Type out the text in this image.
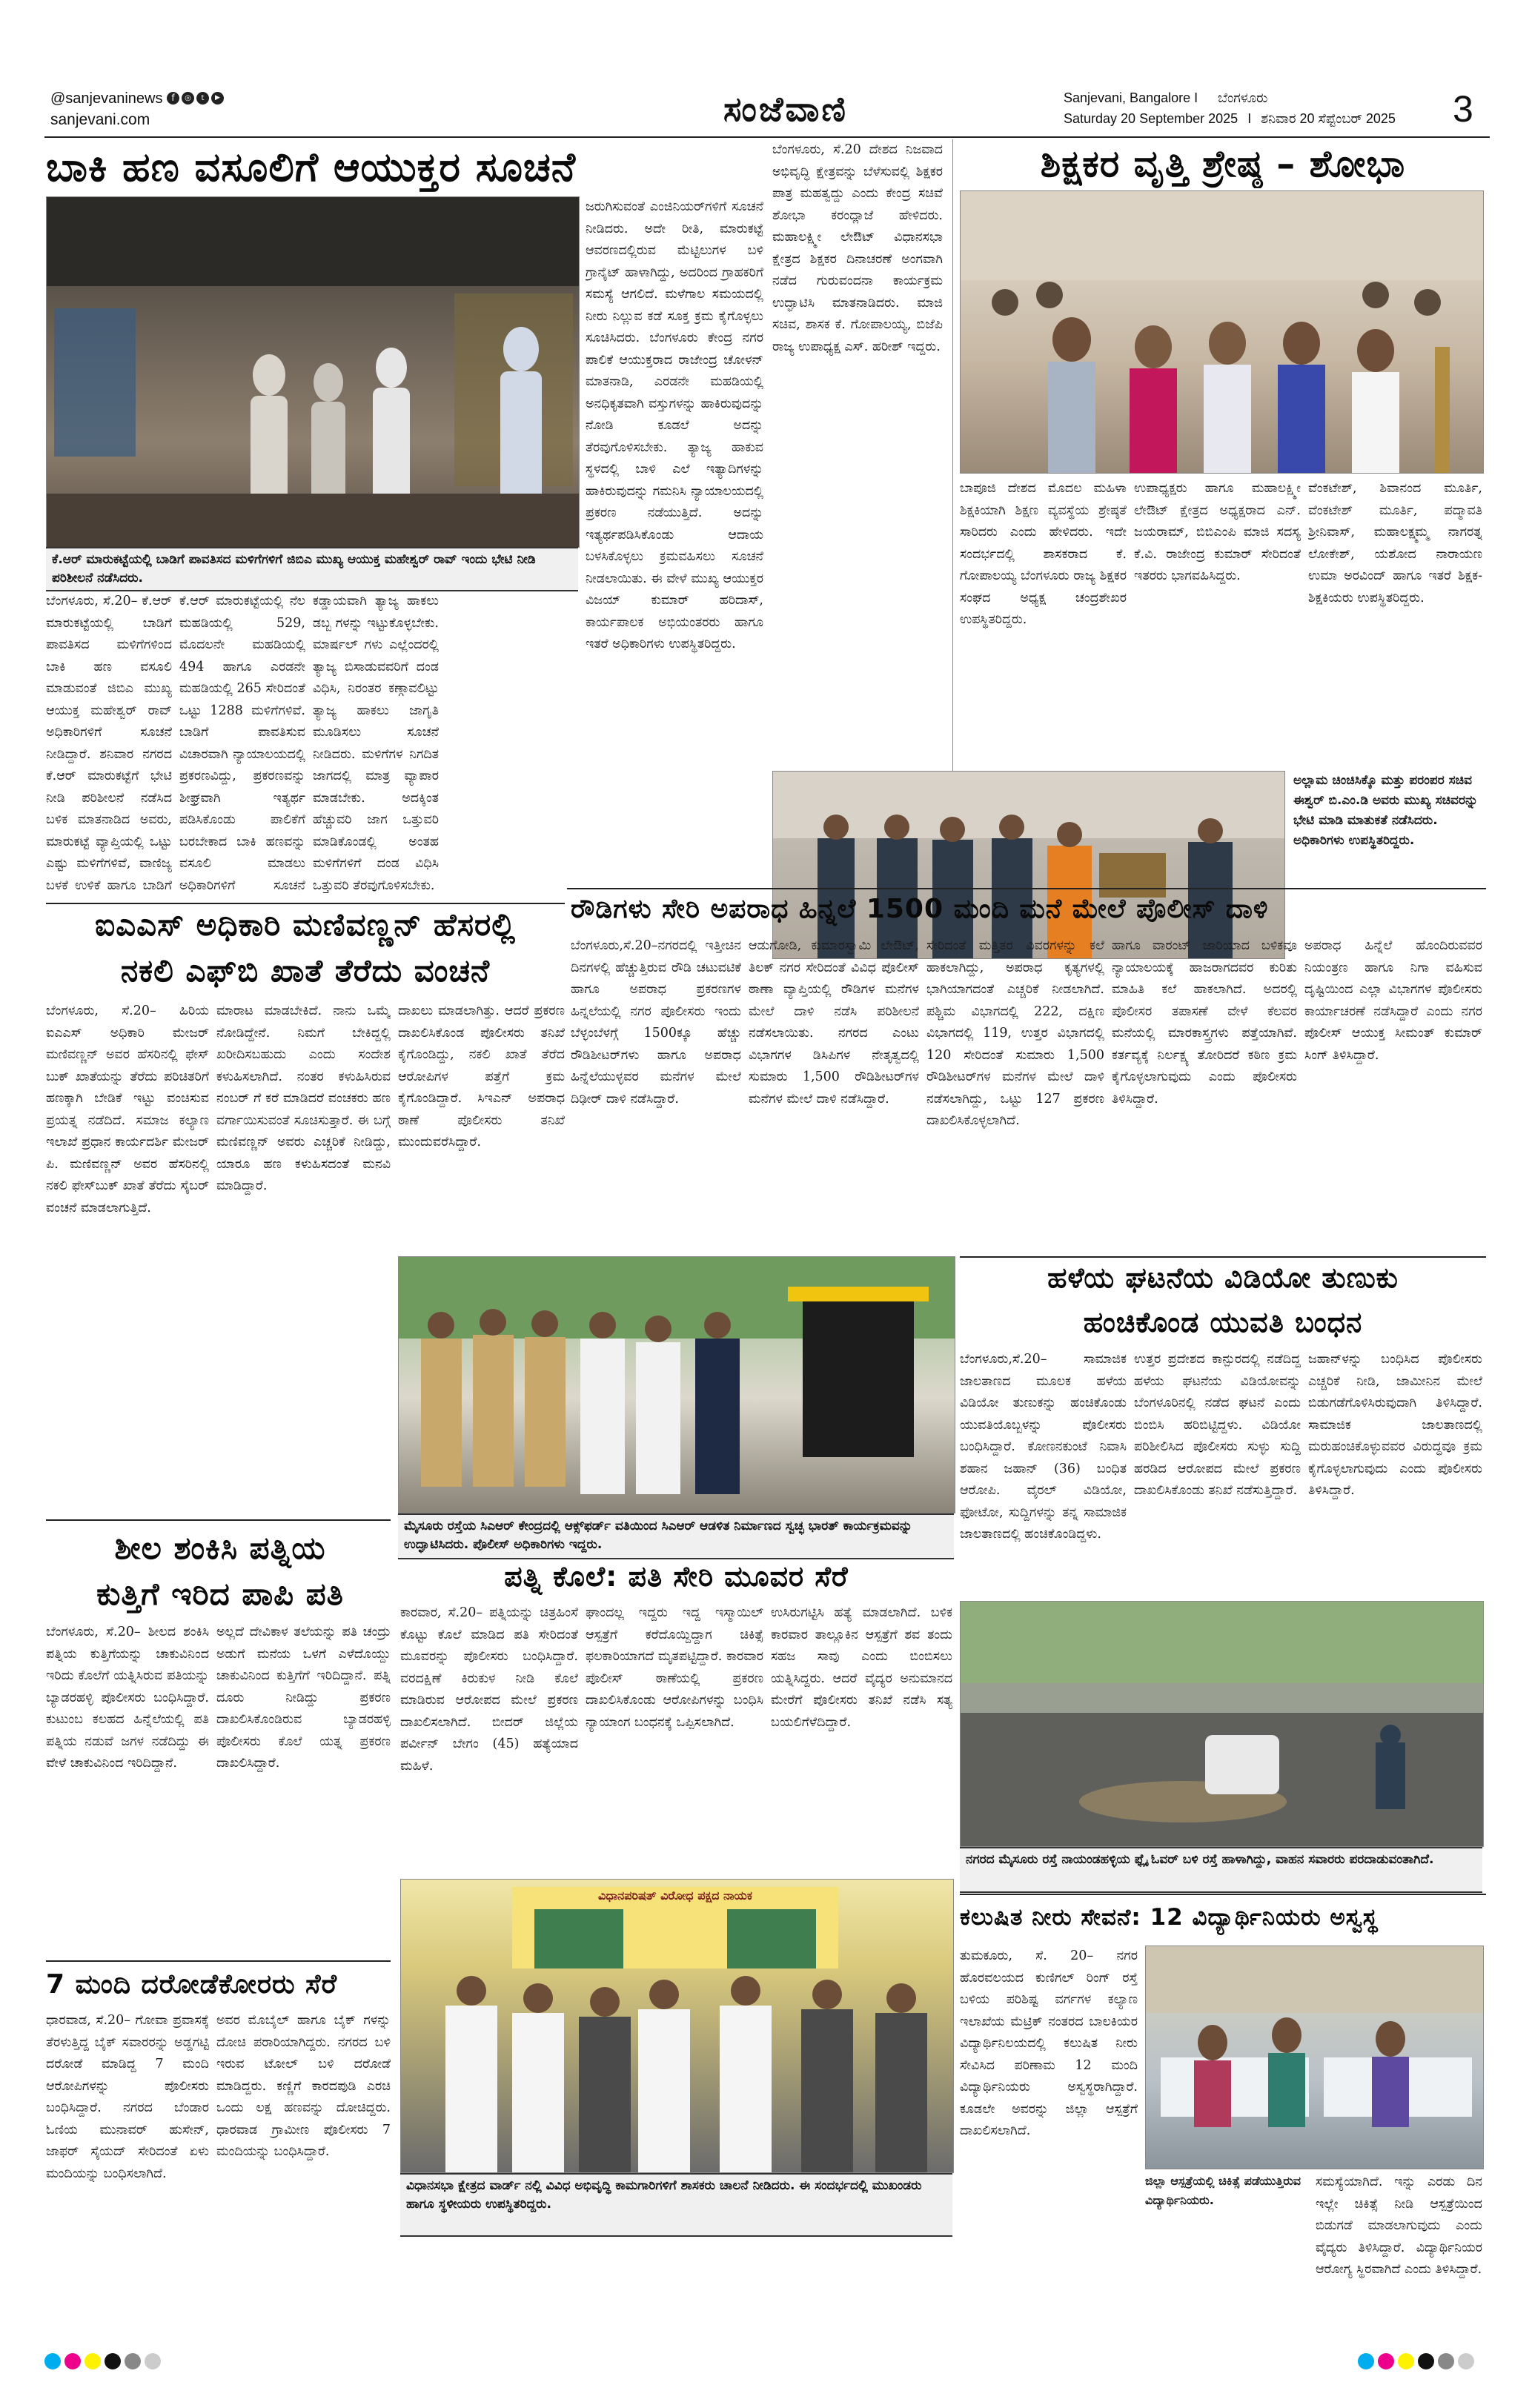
@sanjevaninews f	◎	t	▶
sanjevani.com	ಸಂಜೆವಾಣಿ	Sanjevani, Bangalore I ಬೆಂಗಳೂರು
Saturday 20 September 2025 I ಶನಿವಾರ 20 ಸೆಪ್ಟೆಂಬರ್ 2025 3
ಬಾಕಿ ಹಣ ವಸೂಲಿಗೆ ಆಯುಕ್ತರ ಸೂಚನೆ
ಕೆ.ಆರ್ ಮಾರುಕಟ್ಟೆಯಲ್ಲಿ ಬಾಡಿಗೆ ಪಾವತಿಸದ ಮಳಿಗೆಗಳಿಗೆ ಜಿಬಿಎ ಮುಖ್ಯ ಆಯುಕ್ತ ಮಹೇಶ್ವರ್ ರಾವ್ ಇಂದು ಭೇಟಿ ನೀಡಿ ಪರಿಶೀಲನೆ ನಡೆಸಿದರು.
ಬೆಂಗಳೂರು, ಸೆ.20– ಕೆ.ಆರ್ ಮಾರುಕಟ್ಟೆಯಲ್ಲಿ ಬಾಡಿಗೆ ಪಾವತಿಸದ ಮಳಿಗೆಗಳಿಂದ ಬಾಕಿ ಹಣ ವಸೂಲಿ ಮಾಡುವಂತೆ ಜಿಬಿಎ ಮುಖ್ಯ ಆಯುಕ್ತ ಮಹೇಶ್ವರ್ ರಾವ್ ಅಧಿಕಾರಿಗಳಿಗೆ ಸೂಚನೆ ನೀಡಿದ್ದಾರೆ. ಶನಿವಾರ ನಗರದ ಕೆ.ಆರ್ ಮಾರುಕಟ್ಟೆಗೆ ಭೇಟಿ ನೀಡಿ ಪರಿಶೀಲನೆ ನಡೆಸಿದ ಬಳಿಕ ಮಾತನಾಡಿದ ಅವರು, ಮಾರುಕಟ್ಟೆ ವ್ಯಾಪ್ತಿಯಲ್ಲಿ ಒಟ್ಟು ಎಷ್ಟು ಮಳಿಗೆಗಳಿವೆ, ವಾಣಿಜ್ಯ ಬಳಕೆ ಉಳಿಕೆ ಹಾಗೂ ಬಾಡಿಗೆ
ಕೆ.ಆರ್ ಮಾರುಕಟ್ಟೆಯಲ್ಲಿ ನೆಲ ಮಹಡಿಯಲ್ಲಿ 529, ಮೊದಲನೇ ಮಹಡಿಯಲ್ಲಿ 494 ಹಾಗೂ ಎರಡನೇ ಮಹಡಿಯಲ್ಲಿ 265 ಸೇರಿದಂತೆ ಒಟ್ಟು 1288 ಮಳಿಗೆಗಳಿವೆ. ಬಾಡಿಗೆ ಪಾವತಿಸುವ ವಿಚಾರವಾಗಿ ನ್ಯಾಯಾಲಯದಲ್ಲಿ ಪ್ರಕರಣವಿದ್ದು, ಪ್ರಕರಣವನ್ನು ಶೀಘ್ರವಾಗಿ ಇತ್ಯರ್ಥ ಪಡಿಸಿಕೊಂಡು ಪಾಲಿಕೆಗೆ ಬರಬೇಕಾದ ಬಾಕಿ ಹಣವನ್ನು ವಸೂಲಿ ಮಾಡಲು ಅಧಿಕಾರಿಗಳಿಗೆ ಸೂಚನೆ
ಕಡ್ಡಾಯವಾಗಿ ತ್ಯಾಜ್ಯ ಹಾಕಲು ಡಬ್ಬ ಗಳನ್ನು ಇಟ್ಟುಕೊಳ್ಳಬೇಕು. ಮಾರ್ಷಲ್ ಗಳು ಎಲ್ಲೆಂದರಲ್ಲಿ ತ್ಯಾಜ್ಯ ಬಿಸಾಡುವವರಿಗೆ ದಂಡ ವಿಧಿಸಿ, ನಿರಂತರ ಕಣ್ಗಾವಲಿಟ್ಟು ತ್ಯಾಜ್ಯ ಹಾಕಲು ಜಾಗೃತಿ ಮೂಡಿಸಲು ಸೂಚನೆ ನೀಡಿದರು. ಮಳಿಗೆಗಳ ನಿಗದಿತ ಜಾಗದಲ್ಲಿ ಮಾತ್ರ ವ್ಯಾಪಾರ ಮಾಡಬೇಕು. ಅದಕ್ಕಿಂತ ಹೆಚ್ಚುವರಿ ಜಾಗ ಒತ್ತುವರಿ ಮಾಡಿಕೊಂಡಲ್ಲಿ ಅಂತಹ ಮಳಿಗೆಗಳಿಗೆ ದಂಡ ವಿಧಿಸಿ ಒತ್ತುವರಿ ತೆರವುಗೊಳಿಸಬೇಕು.
ಜರುಗಿಸುವಂತೆ ಎಂಜಿನಿಯರ್‌ಗಳಿಗೆ ಸೂಚನೆ ನೀಡಿದರು. ಅದೇ ರೀತಿ, ಮಾರುಕಟ್ಟೆ ಆವರಣದಲ್ಲಿರುವ ಮೆಟ್ಟಿಲುಗಳ ಬಳಿ ಗ್ರಾನೈಟ್ ಹಾಳಾಗಿದ್ದು, ಅದರಿಂದ ಗ್ರಾಹಕರಿಗೆ ಸಮಸ್ಯೆ ಆಗಲಿದೆ. ಮಳೆಗಾಲ ಸಮಯದಲ್ಲಿ ನೀರು ನಿಲ್ಲುವ ಕಡೆ ಸೂಕ್ತ ಕ್ರಮ ಕೈಗೊಳ್ಳಲು ಸೂಚಿಸಿದರು. ಬೆಂಗಳೂರು ಕೇಂದ್ರ ನಗರ ಪಾಲಿಕೆ ಆಯುಕ್ತರಾದ ರಾಜೇಂದ್ರ ಚೋಳನ್ ಮಾತನಾಡಿ, ಎರಡನೇ ಮಹಡಿಯಲ್ಲಿ ಅನಧಿಕೃತವಾಗಿ ವಸ್ತುಗಳನ್ನು ಹಾಕಿರುವುದನ್ನು ನೋಡಿ ಕೂಡಲೆ ಅದನ್ನು ತೆರವುಗೊಳಿಸಬೇಕು. ತ್ಯಾಜ್ಯ ಹಾಕುವ ಸ್ಥಳದಲ್ಲಿ ಬಾಳಿ ಎಲೆ ಇತ್ಯಾದಿಗಳನ್ನು ಹಾಕಿರುವುದನ್ನು ಗಮನಿಸಿ ನ್ಯಾಯಾಲಯದಲ್ಲಿ ಪ್ರಕರಣ ನಡೆಯುತ್ತಿದೆ. ಅದನ್ನು ಇತ್ಯರ್ಥಪಡಿಸಿಕೊಂಡು ಆದಾಯ ಬಳಸಿಕೊಳ್ಳಲು ಕ್ರಮವಹಿಸಲು ಸೂಚನೆ ನೀಡಲಾಯಿತು. ಈ ವೇಳೆ ಮುಖ್ಯ ಆಯುಕ್ತರ ವಿಜಯ್ ಕುಮಾರ್ ಹರಿದಾಸ್, ಕಾರ್ಯಪಾಲಕ ಅಭಿಯಂತರರು ಹಾಗೂ ಇತರೆ ಅಧಿಕಾರಿಗಳು ಉಪಸ್ಥಿತರಿದ್ದರು.
ಬೆಂಗಳೂರು, ಸೆ.20 ದೇಶದ ನಿಜವಾದ ಅಭಿವೃದ್ಧಿ ಕ್ಷೇತ್ರವನ್ನು ಬೆಳೆಸುವಲ್ಲಿ ಶಿಕ್ಷಕರ ಪಾತ್ರ ಮಹತ್ವದ್ದು ಎಂದು ಕೇಂದ್ರ ಸಚಿವೆ ಶೋಭಾ ಕರಂದ್ಲಾಜೆ ಹೇಳಿದರು. ಮಹಾಲಕ್ಷ್ಮೀ ಲೇಔಟ್ ವಿಧಾನಸಭಾ ಕ್ಷೇತ್ರದ ಶಿಕ್ಷಕರ ದಿನಾಚರಣೆ ಅಂಗವಾಗಿ ನಡೆದ ಗುರುವಂದನಾ ಕಾರ್ಯಕ್ರಮ ಉದ್ಘಾಟಿಸಿ ಮಾತನಾಡಿದರು. ಮಾಜಿ ಸಚಿವ, ಶಾಸಕ ಕೆ. ಗೋಪಾಲಯ್ಯ, ಬಿಜೆಪಿ ರಾಜ್ಯ ಉಪಾಧ್ಯಕ್ಷ ಎಸ್. ಹರೀಶ್ ಇದ್ದರು.
ಶಿಕ್ಷಕರ ವೃತ್ತಿ ಶ್ರೇಷ್ಠ – ಶೋಭಾ
ಬಾಪೂಜಿ ದೇಶದ ಮೊದಲ ಮಹಿಳಾ ಶಿಕ್ಷಕಿಯಾಗಿ ಶಿಕ್ಷಣ ವ್ಯವಸ್ಥೆಯ ಶ್ರೇಷ್ಠತೆ ಸಾರಿದರು ಎಂದು ಹೇಳಿದರು. ಇದೇ ಸಂದರ್ಭದಲ್ಲಿ ಶಾಸಕರಾದ ಕೆ. ಗೋಪಾಲಯ್ಯ ಬೆಂಗಳೂರು ರಾಜ್ಯ ಶಿಕ್ಷಕರ ಸಂಘದ ಅಧ್ಯಕ್ಷ ಚಂದ್ರಶೇಖರ ಉಪಸ್ಥಿತರಿದ್ದರು.
ಉಪಾಧ್ಯಕ್ಷರು ಹಾಗೂ ಮಹಾಲಕ್ಷ್ಮೀ ಲೇಔಟ್ ಕ್ಷೇತ್ರದ ಅಧ್ಯಕ್ಷರಾದ ಎನ್. ಜಯರಾಮ್, ಬಿಬಿಎಂಪಿ ಮಾಜಿ ಸದಸ್ಯ ಕೆ.ವಿ. ರಾಜೇಂದ್ರ ಕುಮಾರ್ ಸೇರಿದಂತೆ ಇತರರು ಭಾಗವಹಿಸಿದ್ದರು.
ವೆಂಕಟೇಶ್, ಶಿವಾನಂದ ಮೂರ್ತಿ, ವೆಂಕಟೇಶ್ ಮೂರ್ತಿ, ಪದ್ಮಾವತಿ ಶ್ರೀನಿವಾಸ್, ಮಹಾಲಕ್ಷ್ಮಮ್ಮ ನಾಗರತ್ನ ಲೋಕೇಶ್, ಯಶೋದ ನಾರಾಯಣ ಉಮಾ ಅರವಿಂದ್ ಹಾಗೂ ಇತರೆ ಶಿಕ್ಷಕ-ಶಿಕ್ಷಕಿಯರು ಉಪಸ್ಥಿತರಿದ್ದರು.
ಅಲ್ಲಾಮ ಚಿಂಚಿಸಿಕ್ಕೊ ಮತ್ತು ಪರಂಪರ ಸಚಿವ ಈಶ್ವರ್ ಬಿ.ಎಂ.ಡಿ ಅವರು ಮುಖ್ಯ ಸಚಿವರನ್ನು ಭೇಟಿ ಮಾಡಿ ಮಾತುಕತೆ ನಡೆಸಿದರು. ಅಧಿಕಾರಿಗಳು ಉಪಸ್ಥಿತರಿದ್ದರು.
ರೌಡಿಗಳು ಸೇರಿ ಅಪರಾಧ ಹಿನ್ನಲೆ 1500 ಮಂದಿ ಮನೆ ಮೇಲೆ ಪೊಲೀಸ್ ದಾಳಿ
ಬೆಂಗಳೂರು,ಸೆ.20–ನಗರದಲ್ಲಿ ಇತ್ತೀಚಿನ ದಿನಗಳಲ್ಲಿ ಹೆಚ್ಚುತ್ತಿರುವ ರೌಡಿ ಚಟುವಟಿಕೆ ಹಾಗೂ ಅಪರಾಧ ಪ್ರಕರಣಗಳ ಹಿನ್ನಲೆಯಲ್ಲಿ ನಗರ ಪೊಲೀಸರು ಇಂದು ಬೆಳ್ಳಂಬೆಳಗ್ಗೆ 1500ಕ್ಕೂ ಹೆಚ್ಚು ರೌಡಿಶೀಟರ್‌ಗಳು ಹಾಗೂ ಅಪರಾಧ ಹಿನ್ನೆಲೆಯುಳ್ಳವರ ಮನೆಗಳ ಮೇಲೆ ದಿಢೀರ್ ದಾಳಿ ನಡೆಸಿದ್ದಾರೆ.
ಆಡುಗೋಡಿ, ಕುಮಾರಸ್ವಾಮಿ ಲೇಔಟ್, ತಿಲಕ್ ನಗರ ಸೇರಿದಂತೆ ವಿವಿಧ ಪೊಲೀಸ್ ಠಾಣಾ ವ್ಯಾಪ್ತಿಯಲ್ಲಿ ರೌಡಿಗಳ ಮನೆಗಳ ಮೇಲೆ ದಾಳಿ ನಡೆಸಿ ಪರಿಶೀಲನೆ ನಡೆಸಲಾಯಿತು. ನಗರದ ಎಂಟು ವಿಭಾಗಗಳ ಡಿಸಿಪಿಗಳ ನೇತೃತ್ವದಲ್ಲಿ ಸುಮಾರು 1,500 ರೌಡಿಶೀಟರ್‌ಗಳ ಮನೆಗಳ ಮೇಲೆ ದಾಳಿ ನಡೆಸಿದ್ದಾರೆ.
ಸೇರಿದಂತೆ ಮತ್ತಿತರ ವಿವರಗಳನ್ನು ಕಲೆ ಹಾಕಲಾಗಿದ್ದು, ಅಪರಾಧ ಕೃತ್ಯಗಳಲ್ಲಿ ಭಾಗಿಯಾಗದಂತೆ ಎಚ್ಚರಿಕೆ ನೀಡಲಾಗಿದೆ. ಪಶ್ಚಿಮ ವಿಭಾಗದಲ್ಲಿ 222, ದಕ್ಷಿಣ ವಿಭಾಗದಲ್ಲಿ 119, ಉತ್ತರ ವಿಭಾಗದಲ್ಲಿ 120 ಸೇರಿದಂತೆ ಸುಮಾರು 1,500 ರೌಡಿಶೀಟರ್‌ಗಳ ಮನೆಗಳ ಮೇಲೆ ದಾಳಿ ನಡೆಸಲಾಗಿದ್ದು, ಒಟ್ಟು 127 ಪ್ರಕರಣ ದಾಖಲಿಸಿಕೊಳ್ಳಲಾಗಿದೆ.
ಹಾಗೂ ವಾರಂಟ್ ಜಾರಿಯಾದ ಬಳಿಕವೂ ನ್ಯಾಯಾಲಯಕ್ಕೆ ಹಾಜರಾಗದವರ ಕುರಿತು ಮಾಹಿತಿ ಕಲೆ ಹಾಕಲಾಗಿದೆ. ಅದರಲ್ಲಿ ಪೊಲೀಸರ ತಪಾಸಣೆ ವೇಳೆ ಕೆಲವರ ಮನೆಯಲ್ಲಿ ಮಾರಕಾಸ್ತ್ರಗಳು ಪತ್ತೆಯಾಗಿವೆ. ಕರ್ತವ್ಯಕ್ಕೆ ನಿರ್ಲಕ್ಷ್ಯ ತೋರಿದರೆ ಕಠಿಣ ಕ್ರಮ ಕೈಗೊಳ್ಳಲಾಗುವುದು ಎಂದು ಪೊಲೀಸರು ತಿಳಿಸಿದ್ದಾರೆ.
ಅಪರಾಧ ಹಿನ್ನೆಲೆ ಹೊಂದಿರುವವರ ನಿಯಂತ್ರಣ ಹಾಗೂ ನಿಗಾ ವಹಿಸುವ ದೃಷ್ಟಿಯಿಂದ ಎಲ್ಲಾ ವಿಭಾಗಗಳ ಪೊಲೀಸರು ಕಾರ್ಯಾಚರಣೆ ನಡೆಸಿದ್ದಾರೆ ಎಂದು ನಗರ ಪೊಲೀಸ್ ಆಯುಕ್ತ ಸೀಮಂತ್ ಕುಮಾರ್ ಸಿಂಗ್ ತಿಳಿಸಿದ್ದಾರೆ.
ಐಎಎಸ್ ಅಧಿಕಾರಿ ಮಣಿವಣ್ಣನ್ ಹೆಸರಲ್ಲಿ
ನಕಲಿ ಎಫ್‌ಬಿ ಖಾತೆ ತೆರೆದು ವಂಚನೆ
ಬೆಂಗಳೂರು, ಸೆ.20– ಹಿರಿಯ ಐಎಎಸ್ ಅಧಿಕಾರಿ ಮೇಜರ್ ಮಣಿವಣ್ಣನ್ ಅವರ ಹೆಸರಿನಲ್ಲಿ ಫೇಸ್ ಬುಕ್ ಖಾತೆಯನ್ನು ತೆರೆದು ಪರಿಚಿತರಿಗೆ ಹಣಕ್ಕಾಗಿ ಬೇಡಿಕೆ ಇಟ್ಟು ವಂಚಿಸುವ ಪ್ರಯತ್ನ ನಡೆದಿದೆ. ಸಮಾಜ ಕಲ್ಯಾಣ ಇಲಾಖೆ ಪ್ರಧಾನ ಕಾರ್ಯದರ್ಶಿ ಮೇಜರ್ ಪಿ. ಮಣಿವಣ್ಣನ್ ಅವರ ಹೆಸರಿನಲ್ಲಿ ನಕಲಿ ಫೇಸ್‌ಬುಕ್ ಖಾತೆ ತೆರೆದು ಸೈಬರ್ ವಂಚನೆ ಮಾಡಲಾಗುತ್ತಿದೆ.
ಮಾರಾಟ ಮಾಡಬೇಕಿದೆ. ನಾನು ಒಮ್ಮೆ ನೋಡಿದ್ದೇನೆ. ನಿಮಗೆ ಬೇಕಿದ್ದಲ್ಲಿ ಖರೀದಿಸಬಹುದು ಎಂದು ಸಂದೇಶ ಕಳುಹಿಸಲಾಗಿದೆ. ನಂತರ ಕಳುಹಿಸಿರುವ ನಂಬರ್ ಗೆ ಕರೆ ಮಾಡಿದರೆ ವಂಚಕರು ಹಣ ವರ್ಗಾಯಿಸುವಂತೆ ಸೂಚಿಸುತ್ತಾರೆ. ಈ ಬಗ್ಗೆ ಮಣಿವಣ್ಣನ್ ಅವರು ಎಚ್ಚರಿಕೆ ನೀಡಿದ್ದು, ಯಾರೂ ಹಣ ಕಳುಹಿಸದಂತೆ ಮನವಿ ಮಾಡಿದ್ದಾರೆ.
ದಾಖಲು ಮಾಡಲಾಗಿತ್ತು. ಆದರೆ ಪ್ರಕರಣ ದಾಖಲಿಸಿಕೊಂಡ ಪೊಲೀಸರು ತನಿಖೆ ಕೈಗೊಂಡಿದ್ದು, ನಕಲಿ ಖಾತೆ ತೆರೆದ ಆರೋಪಿಗಳ ಪತ್ತೆಗೆ ಕ್ರಮ ಕೈಗೊಂಡಿದ್ದಾರೆ. ಸಿಇಎನ್ ಅಪರಾಧ ಠಾಣೆ ಪೊಲೀಸರು ತನಿಖೆ ಮುಂದುವರೆಸಿದ್ದಾರೆ.
ಮೈಸೂರು ರಸ್ತೆಯ ಸಿಎಆರ್ ಕೇಂದ್ರದಲ್ಲಿ ಆಕ್ಸ್‌ಫರ್ಡ್ ವತಿಯಿಂದ ಸಿಎಆರ್ ಆಡಳಿತ ನಿರ್ಮಾಣದ ಸ್ವಚ್ಛ ಭಾರತ್ ಕಾರ್ಯಕ್ರಮವನ್ನು ಉದ್ಘಾಟಿಸಿದರು. ಪೊಲೀಸ್ ಅಧಿಕಾರಿಗಳು ಇದ್ದರು.
ಹಳೆಯ ಘಟನೆಯ ವಿಡಿಯೋ ತುಣುಕು
ಹಂಚಿಕೊಂಡ ಯುವತಿ ಬಂಧನ
ಬೆಂಗಳೂರು,ಸೆ.20– ಸಾಮಾಜಿಕ ಜಾಲತಾಣದ ಮೂಲಕ ಹಳೆಯ ವಿಡಿಯೋ ತುಣುಕನ್ನು ಹಂಚಿಕೊಂಡು ಯುವತಿಯೊಬ್ಬಳನ್ನು ಪೊಲೀಸರು ಬಂಧಿಸಿದ್ದಾರೆ. ಕೋಣನಕುಂಟೆ ನಿವಾಸಿ ಶಹಾನ ಜಹಾನ್ (36) ಬಂಧಿತ ಆರೋಪಿ. ವೈರಲ್ ವಿಡಿಯೋ, ಫೋಟೋ, ಸುದ್ದಿಗಳನ್ನು ತನ್ನ ಸಾಮಾಜಿಕ ಜಾಲತಾಣದಲ್ಲಿ ಹಂಚಿಕೊಂಡಿದ್ದಳು.
ಉತ್ತರ ಪ್ರದೇಶದ ಕಾನ್ಪುರದಲ್ಲಿ ನಡೆದಿದ್ದ ಹಳೆಯ ಘಟನೆಯ ವಿಡಿಯೋವನ್ನು ಬೆಂಗಳೂರಿನಲ್ಲಿ ನಡೆದ ಘಟನೆ ಎಂದು ಬಿಂಬಿಸಿ ಹರಿಬಿಟ್ಟಿದ್ದಳು. ವಿಡಿಯೋ ಪರಿಶೀಲಿಸಿದ ಪೊಲೀಸರು ಸುಳ್ಳು ಸುದ್ದಿ ಹರಡಿದ ಆರೋಪದ ಮೇಲೆ ಪ್ರಕರಣ ದಾಖಲಿಸಿಕೊಂಡು ತನಿಖೆ ನಡೆಸುತ್ತಿದ್ದಾರೆ.
ಜಹಾನ್‌ಳನ್ನು ಬಂಧಿಸಿದ ಪೊಲೀಸರು ಎಚ್ಚರಿಕೆ ನೀಡಿ, ಜಾಮೀನಿನ ಮೇಲೆ ಬಿಡುಗಡೆಗೊಳಿಸಿರುವುದಾಗಿ ತಿಳಿಸಿದ್ದಾರೆ. ಸಾಮಾಜಿಕ ಜಾಲತಾಣದಲ್ಲಿ ಮರುಹಂಚಿಕೊಳ್ಳುವವರ ವಿರುದ್ಧವೂ ಕ್ರಮ ಕೈಗೊಳ್ಳಲಾಗುವುದು ಎಂದು ಪೊಲೀಸರು ತಿಳಿಸಿದ್ದಾರೆ.
ಶೀಲ ಶಂಕಿಸಿ ಪತ್ನಿಯ
ಕುತ್ತಿಗೆ ಇರಿದ ಪಾಪಿ ಪತಿ
ಬೆಂಗಳೂರು, ಸೆ.20– ಶೀಲದ ಶಂಕಿಸಿ ಪತ್ನಿಯ ಕುತ್ತಿಗೆಯನ್ನು ಚಾಕುವಿನಿಂದ ಇರಿದು ಕೊಲೆಗೆ ಯತ್ನಿಸಿರುವ ಪತಿಯನ್ನು ಬ್ಯಾಡರಹಳ್ಳಿ ಪೊಲೀಸರು ಬಂಧಿಸಿದ್ದಾರೆ. ಕುಟುಂಬ ಕಲಹದ ಹಿನ್ನೆಲೆಯಲ್ಲಿ ಪತಿ ಪತ್ನಿಯ ನಡುವೆ ಜಗಳ ನಡೆದಿದ್ದು ಈ ವೇಳೆ ಚಾಕುವಿನಿಂದ ಇರಿದಿದ್ದಾನೆ.
ಅಲ್ಲದೆ ದೇವಿಕಾಳ ತಲೆಯನ್ನು ಪತಿ ಚಂದ್ರು ಅಡುಗೆ ಮನೆಯ ಒಳಗೆ ಎಳೆದೊಯ್ದು ಚಾಕುವಿನಿಂದ ಕುತ್ತಿಗೆಗೆ ಇರಿದಿದ್ದಾನೆ. ಪತ್ನಿ ದೂರು ನೀಡಿದ್ದು ಪ್ರಕರಣ ದಾಖಲಿಸಿಕೊಂಡಿರುವ ಬ್ಯಾಡರಹಳ್ಳಿ ಪೊಲೀಸರು ಕೊಲೆ ಯತ್ನ ಪ್ರಕರಣ ದಾಖಲಿಸಿದ್ದಾರೆ.
ಪತ್ನಿ ಕೊಲೆ: ಪತಿ ಸೇರಿ ಮೂವರ ಸೆರೆ
ಕಾರವಾರ, ಸೆ.20– ಪತ್ನಿಯನ್ನು ಚಿತ್ರಹಿಂಸೆ ಕೊಟ್ಟು ಕೊಲೆ ಮಾಡಿದ ಪತಿ ಸೇರಿದಂತೆ ಮೂವರನ್ನು ಪೊಲೀಸರು ಬಂಧಿಸಿದ್ದಾರೆ. ವರದಕ್ಷಿಣೆ ಕಿರುಕುಳ ನೀಡಿ ಕೊಲೆ ಮಾಡಿರುವ ಆರೋಪದ ಮೇಲೆ ಪ್ರಕರಣ ದಾಖಲಿಸಲಾಗಿದೆ. ಬೀದರ್ ಜಿಲ್ಲೆಯ ಪರ್ವೀನ್ ಬೇಗಂ (45) ಹತ್ಯೆಯಾದ ಮಹಿಳೆ.
ಘಾಂದಲ್ಲ ಇದ್ದರು ಇದ್ದ ಇಸ್ಮಾಯಿಲ್ ಆಸ್ಪತ್ರೆಗೆ ಕರೆದೊಯ್ದಿದ್ದಾಗ ಚಿಕಿತ್ಸೆ ಫಲಕಾರಿಯಾಗದೆ ಮೃತಪಟ್ಟಿದ್ದಾರೆ. ಕಾರವಾರ ಪೊಲೀಸ್ ಠಾಣೆಯಲ್ಲಿ ಪ್ರಕರಣ ದಾಖಲಿಸಿಕೊಂಡು ಆರೋಪಿಗಳನ್ನು ಬಂಧಿಸಿ ನ್ಯಾಯಾಂಗ ಬಂಧನಕ್ಕೆ ಒಪ್ಪಿಸಲಾಗಿದೆ.
ಉಸಿರುಗಟ್ಟಿಸಿ ಹತ್ಯೆ ಮಾಡಲಾಗಿದೆ. ಬಳಿಕ ಕಾರವಾರ ತಾಲ್ಲೂಕಿನ ಆಸ್ಪತ್ರೆಗೆ ಶವ ತಂದು ಸಹಜ ಸಾವು ಎಂದು ಬಿಂಬಿಸಲು ಯತ್ನಿಸಿದ್ದರು. ಆದರೆ ವೈದ್ಯರ ಅನುಮಾನದ ಮೇರೆಗೆ ಪೊಲೀಸರು ತನಿಖೆ ನಡೆಸಿ ಸತ್ಯ ಬಯಲಿಗೆಳೆದಿದ್ದಾರೆ.
ನಗರದ ಮೈಸೂರು ರಸ್ತೆ ನಾಯಂಡಹಳ್ಳಿಯ ಫ್ಲೈ ಓವರ್ ಬಳಿ ರಸ್ತೆ ಹಾಳಾಗಿದ್ದು, ವಾಹನ ಸವಾರರು ಪರದಾಡುವಂತಾಗಿದೆ.
ಕಲುಷಿತ ನೀರು ಸೇವನೆ: 12 ವಿದ್ಯಾರ್ಥಿನಿಯರು ಅಸ್ವಸ್ಥ
ತುಮಕೂರು, ಸೆ. 20– ನಗರ ಹೊರವಲಯದ ಕುಣಿಗಲ್ ರಿಂಗ್ ರಸ್ತೆ ಬಳಿಯ ಪರಿಶಿಷ್ಟ ವರ್ಗಗಳ ಕಲ್ಯಾಣ ಇಲಾಖೆಯ ಮೆಟ್ರಿಕ್ ನಂತರದ ಬಾಲಕಿಯರ ವಿದ್ಯಾರ್ಥಿನಿಲಯದಲ್ಲಿ ಕಲುಷಿತ ನೀರು ಸೇವಿಸಿದ ಪರಿಣಾಮ 12 ಮಂದಿ ವಿದ್ಯಾರ್ಥಿನಿಯರು ಅಸ್ವಸ್ಥರಾಗಿದ್ದಾರೆ. ಕೂಡಲೇ ಅವರನ್ನು ಜಿಲ್ಲಾ ಆಸ್ಪತ್ರೆಗೆ ದಾಖಲಿಸಲಾಗಿದೆ.
ಜಿಲ್ಲಾ ಆಸ್ಪತ್ರೆಯಲ್ಲಿ ಚಿಕಿತ್ಸೆ ಪಡೆಯುತ್ತಿರುವ ವಿದ್ಯಾರ್ಥಿನಿಯರು.
ಸಮಸ್ಯೆಯಾಗಿದೆ. ಇನ್ನು ಎರಡು ದಿನ ಇಲ್ಲೇ ಚಿಕಿತ್ಸೆ ನೀಡಿ ಆಸ್ಪತ್ರೆಯಿಂದ ಬಿಡುಗಡೆ ಮಾಡಲಾಗುವುದು ಎಂದು ವೈದ್ಯರು ತಿಳಿಸಿದ್ದಾರೆ. ವಿದ್ಯಾರ್ಥಿನಿಯರ ಆರೋಗ್ಯ ಸ್ಥಿರವಾಗಿದೆ ಎಂದು ತಿಳಿಸಿದ್ದಾರೆ.
ವಿಧಾನಪರಿಷತ್ ವಿರೋಧ ಪಕ್ಷದ ನಾಯಕ
ವಿಧಾನಸಭಾ ಕ್ಷೇತ್ರದ ವಾರ್ಡ್ ನಲ್ಲಿ ವಿವಿಧ ಅಭಿವೃದ್ಧಿ ಕಾಮಗಾರಿಗಳಿಗೆ ಶಾಸಕರು ಚಾಲನೆ ನೀಡಿದರು. ಈ ಸಂದರ್ಭದಲ್ಲಿ ಮುಖಂಡರು ಹಾಗೂ ಸ್ಥಳೀಯರು ಉಪಸ್ಥಿತರಿದ್ದರು.
7 ಮಂದಿ ದರೋಡೆಕೋರರು ಸೆರೆ
ಧಾರವಾಡ, ಸೆ.20– ಗೋವಾ ಪ್ರವಾಸಕ್ಕೆ ತೆರಳುತ್ತಿದ್ದ ಬೈಕ್ ಸವಾರರನ್ನು ಅಡ್ಡಗಟ್ಟಿ ದರೋಡೆ ಮಾಡಿದ್ದ 7 ಮಂದಿ ಆರೋಪಿಗಳನ್ನು ಪೊಲೀಸರು ಬಂಧಿಸಿದ್ದಾರೆ. ನಗರದ ಬೆಂಡಾರ ಓಣಿಯ ಮುನಾವರ್ ಹುಸೇನ್, ಜಾಫರ್ ಸೈಯದ್ ಸೇರಿದಂತೆ ಏಳು ಮಂದಿಯನ್ನು ಬಂಧಿಸಲಾಗಿದೆ.
ಅವರ ಮೊಬೈಲ್ ಹಾಗೂ ಬೈಕ್ ಗಳನ್ನು ದೋಚಿ ಪರಾರಿಯಾಗಿದ್ದರು. ನಗರದ ಬಳಿ ಇರುವ ಟೋಲ್ ಬಳಿ ದರೋಡೆ ಮಾಡಿದ್ದರು. ಕಣ್ಣಿಗೆ ಕಾರದಪುಡಿ ಎರಚಿ ಒಂದು ಲಕ್ಷ ಹಣವನ್ನು ದೋಚಿದ್ದರು. ಧಾರವಾಡ ಗ್ರಾಮೀಣ ಪೊಲೀಸರು 7 ಮಂದಿಯನ್ನು ಬಂಧಿಸಿದ್ದಾರೆ.
